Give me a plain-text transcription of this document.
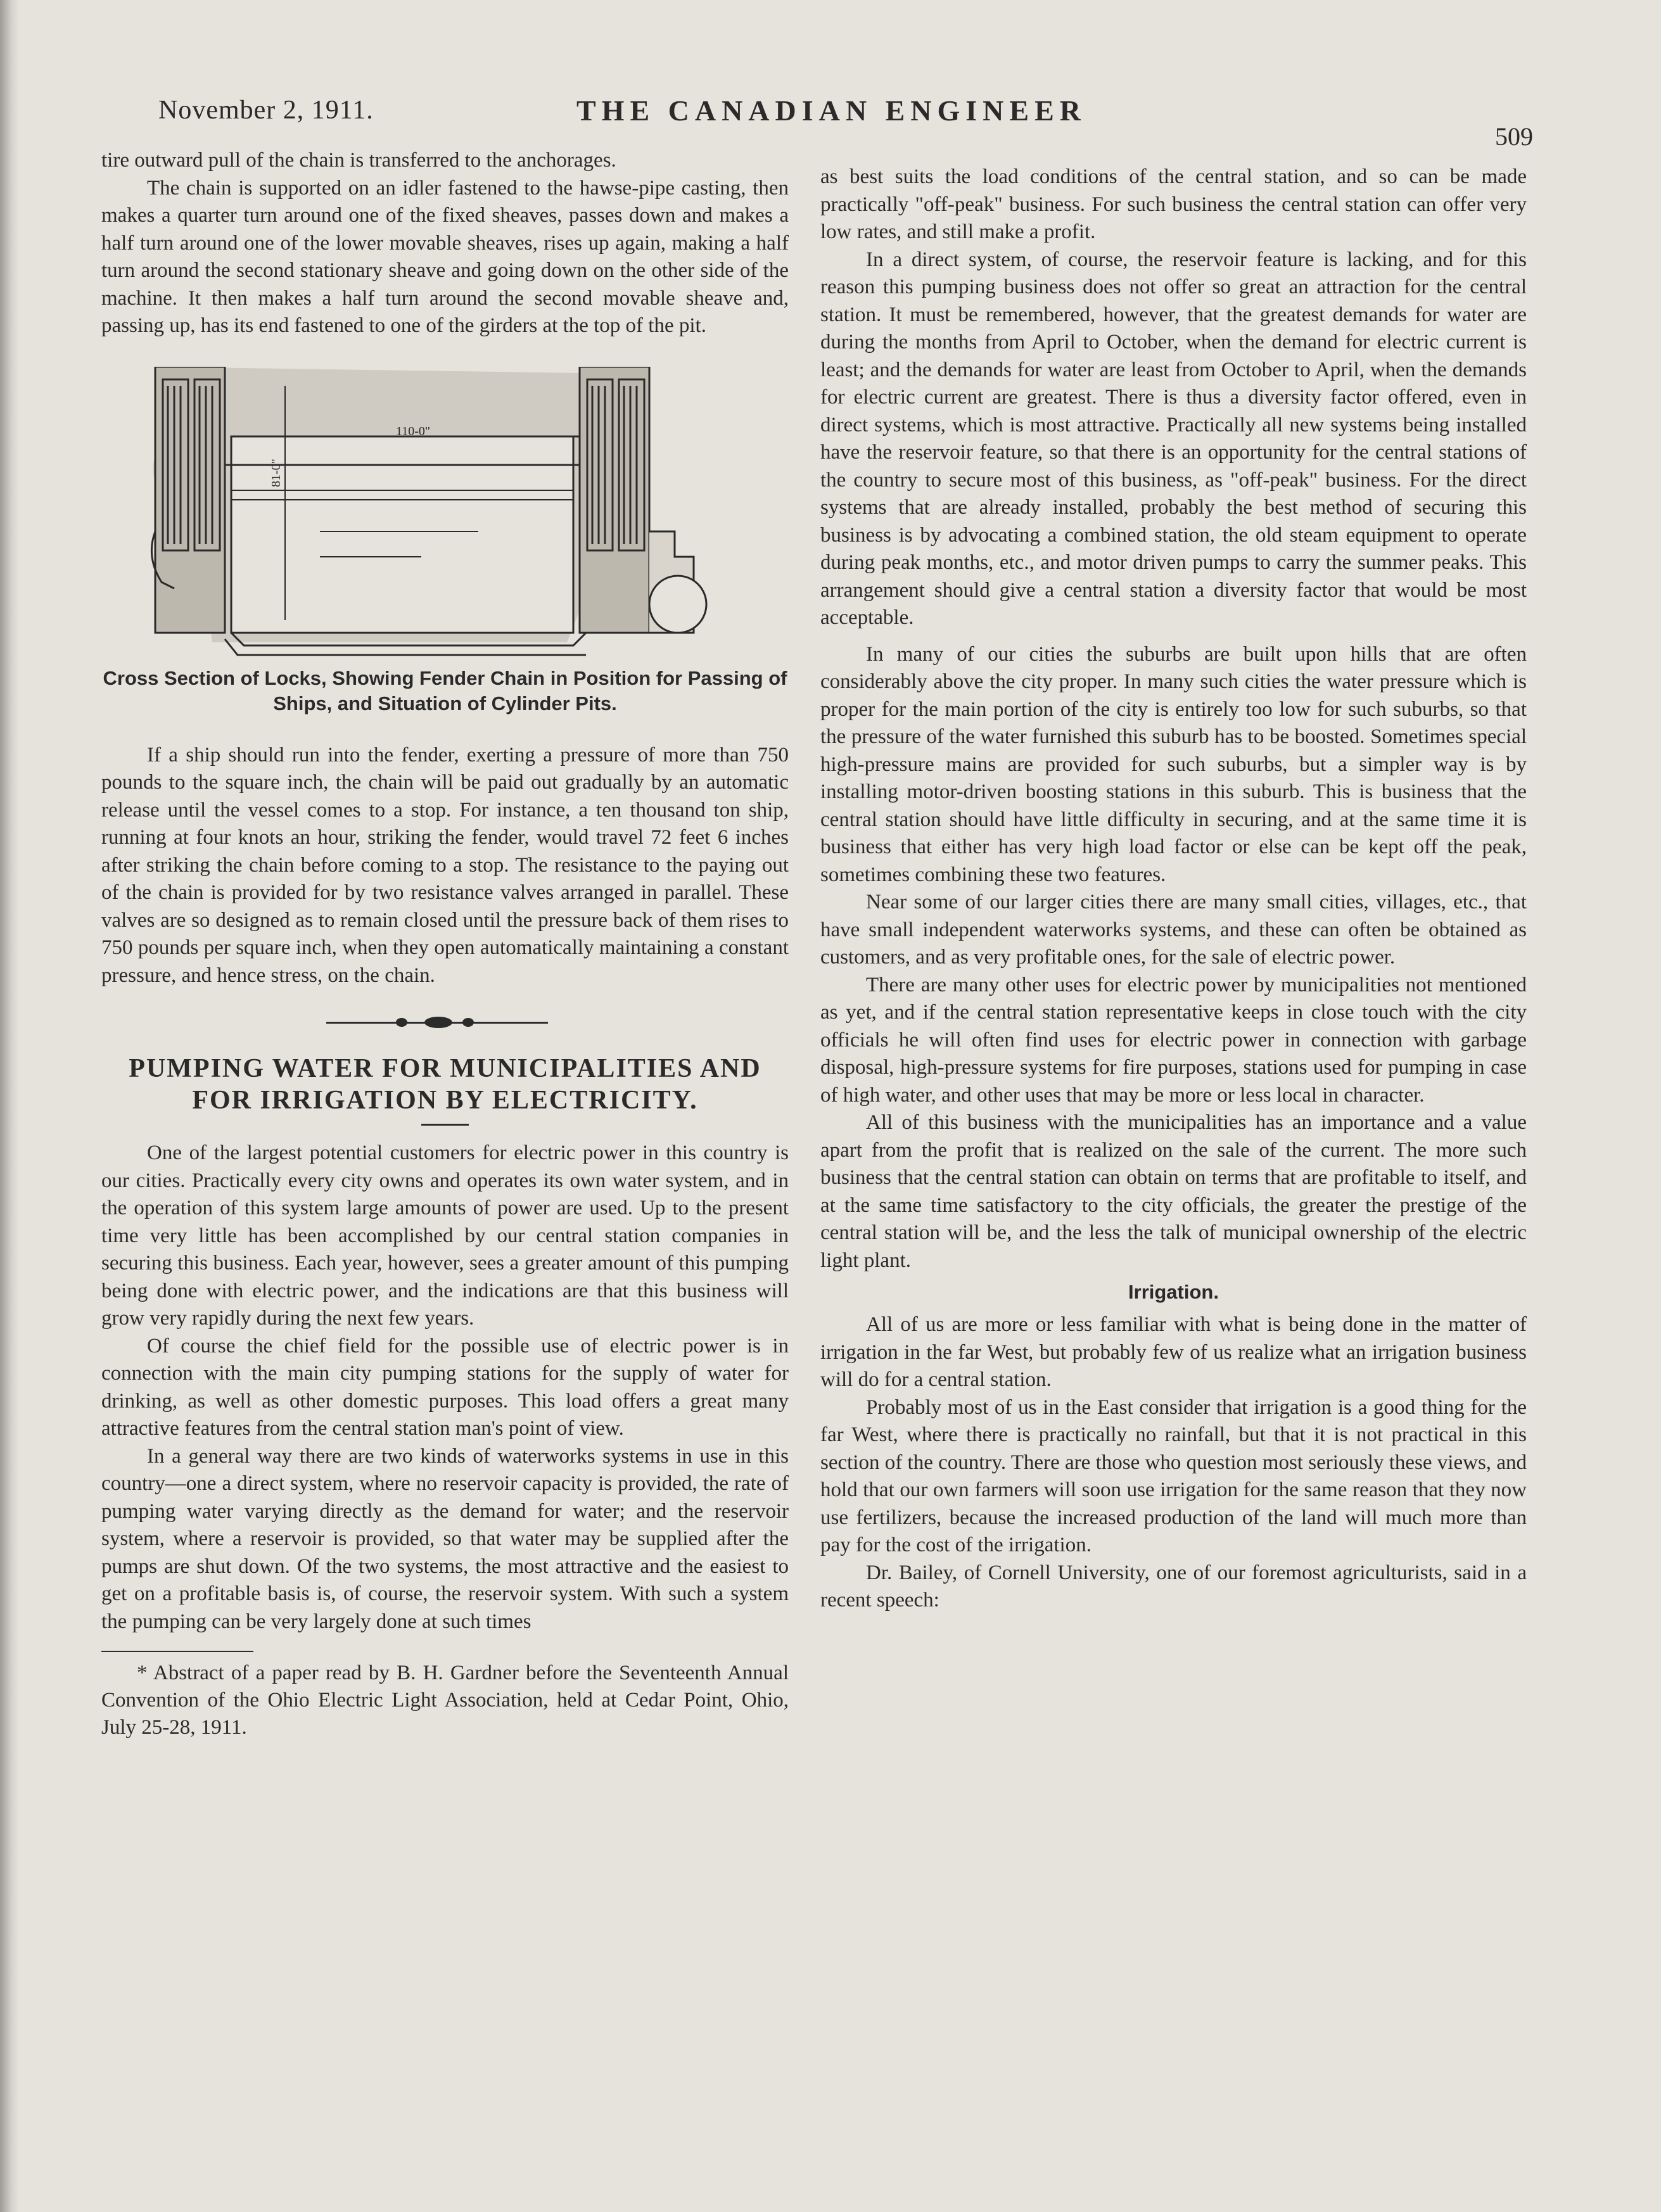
November 2, 1911.	THE CANADIAN ENGINEER
509

tire outward pull of the chain is transferred to the anchorages.

The chain is supported on an idler fastened to the hawse-pipe casting, then makes a quarter turn around one of the fixed sheaves, passes down and makes a half turn around one of the lower movable sheaves, rises up again, making a half turn around the second stationary sheave and going down on the other side of the machine. It then makes a half turn around the second movable sheave and, passing up, has its end fastened to one of the girders at the top of the pit.

110-0"
81-0"
Cross Section of Locks, Showing Fender Chain in Position for Passing of Ships, and Situation of Cylinder Pits.

If a ship should run into the fender, exerting a pressure of more than 750 pounds to the square inch, the chain will be paid out gradually by an automatic release until the vessel comes to a stop. For instance, a ten thousand ton ship, running at four knots an hour, striking the fender, would travel 72 feet 6 inches after striking the chain before coming to a stop. The resistance to the paying out of the chain is provided for by two resistance valves arranged in parallel. These valves are so designed as to remain closed until the pressure back of them rises to 750 pounds per square inch, when they open automatically maintaining a constant pressure, and hence stress, on the chain.

PUMPING WATER FOR MUNICIPALITIES AND FOR IRRIGATION BY ELECTRICITY.

One of the largest potential customers for electric power in this country is our cities. Practically every city owns and operates its own water system, and in the operation of this system large amounts of power are used. Up to the present time very little has been accomplished by our central station companies in securing this business. Each year, however, sees a greater amount of this pumping being done with electric power, and the indications are that this business will grow very rapidly during the next few years.

Of course the chief field for the possible use of electric power is in connection with the main city pumping stations for the supply of water for drinking, as well as other domestic purposes. This load offers a great many attractive features from the central station man's point of view.

In a general way there are two kinds of waterworks systems in use in this country—one a direct system, where no reservoir capacity is provided, the rate of pumping water varying directly as the demand for water; and the reservoir system, where a reservoir is provided, so that water may be supplied after the pumps are shut down. Of the two systems, the most attractive and the easiest to get on a profitable basis is, of course, the reservoir system. With such a system the pumping can be very largely done at such times

* Abstract of a paper read by B. H. Gardner before the Seventeenth Annual Convention of the Ohio Electric Light Association, held at Cedar Point, Ohio, July 25-28, 1911.

as best suits the load conditions of the central station, and so can be made practically "off-peak" business. For such business the central station can offer very low rates, and still make a profit.

In a direct system, of course, the reservoir feature is lacking, and for this reason this pumping business does not offer so great an attraction for the central station. It must be remembered, however, that the greatest demands for water are during the months from April to October, when the demand for electric current is least; and the demands for water are least from October to April, when the demands for electric current are greatest. There is thus a diversity factor offered, even in direct systems, which is most attractive. Practically all new systems being installed have the reservoir feature, so that there is an opportunity for the central stations of the country to secure most of this business, as "off-peak" business. For the direct systems that are already installed, probably the best method of securing this business is by advocating a combined station, the old steam equipment to operate during peak months, etc., and motor driven pumps to carry the summer peaks. This arrangement should give a central station a diversity factor that would be most acceptable.

In many of our cities the suburbs are built upon hills that are often considerably above the city proper. In many such cities the water pressure which is proper for the main portion of the city is entirely too low for such suburbs, so that the pressure of the water furnished this suburb has to be boosted. Sometimes special high-pressure mains are provided for such suburbs, but a simpler way is by installing motor-driven boosting stations in this suburb. This is business that the central station should have little difficulty in securing, and at the same time it is business that either has very high load factor or else can be kept off the peak, sometimes combining these two features.

Near some of our larger cities there are many small cities, villages, etc., that have small independent waterworks systems, and these can often be obtained as customers, and as very profitable ones, for the sale of electric power.

There are many other uses for electric power by municipalities not mentioned as yet, and if the central station representative keeps in close touch with the city officials he will often find uses for electric power in connection with garbage disposal, high-pressure systems for fire purposes, stations used for pumping in case of high water, and other uses that may be more or less local in character.

All of this business with the municipalities has an importance and a value apart from the profit that is realized on the sale of the current. The more such business that the central station can obtain on terms that are profitable to itself, and at the same time satisfactory to the city officials, the greater the prestige of the central station will be, and the less the talk of municipal ownership of the electric light plant.

Irrigation.

All of us are more or less familiar with what is being done in the matter of irrigation in the far West, but probably few of us realize what an irrigation business will do for a central station.

Probably most of us in the East consider that irrigation is a good thing for the far West, where there is practically no rainfall, but that it is not practical in this section of the country. There are those who question most seriously these views, and hold that our own farmers will soon use irrigation for the same reason that they now use fertilizers, because the increased production of the land will much more than pay for the cost of the irrigation.

Dr. Bailey, of Cornell University, one of our foremost agriculturists, said in a recent speech:
